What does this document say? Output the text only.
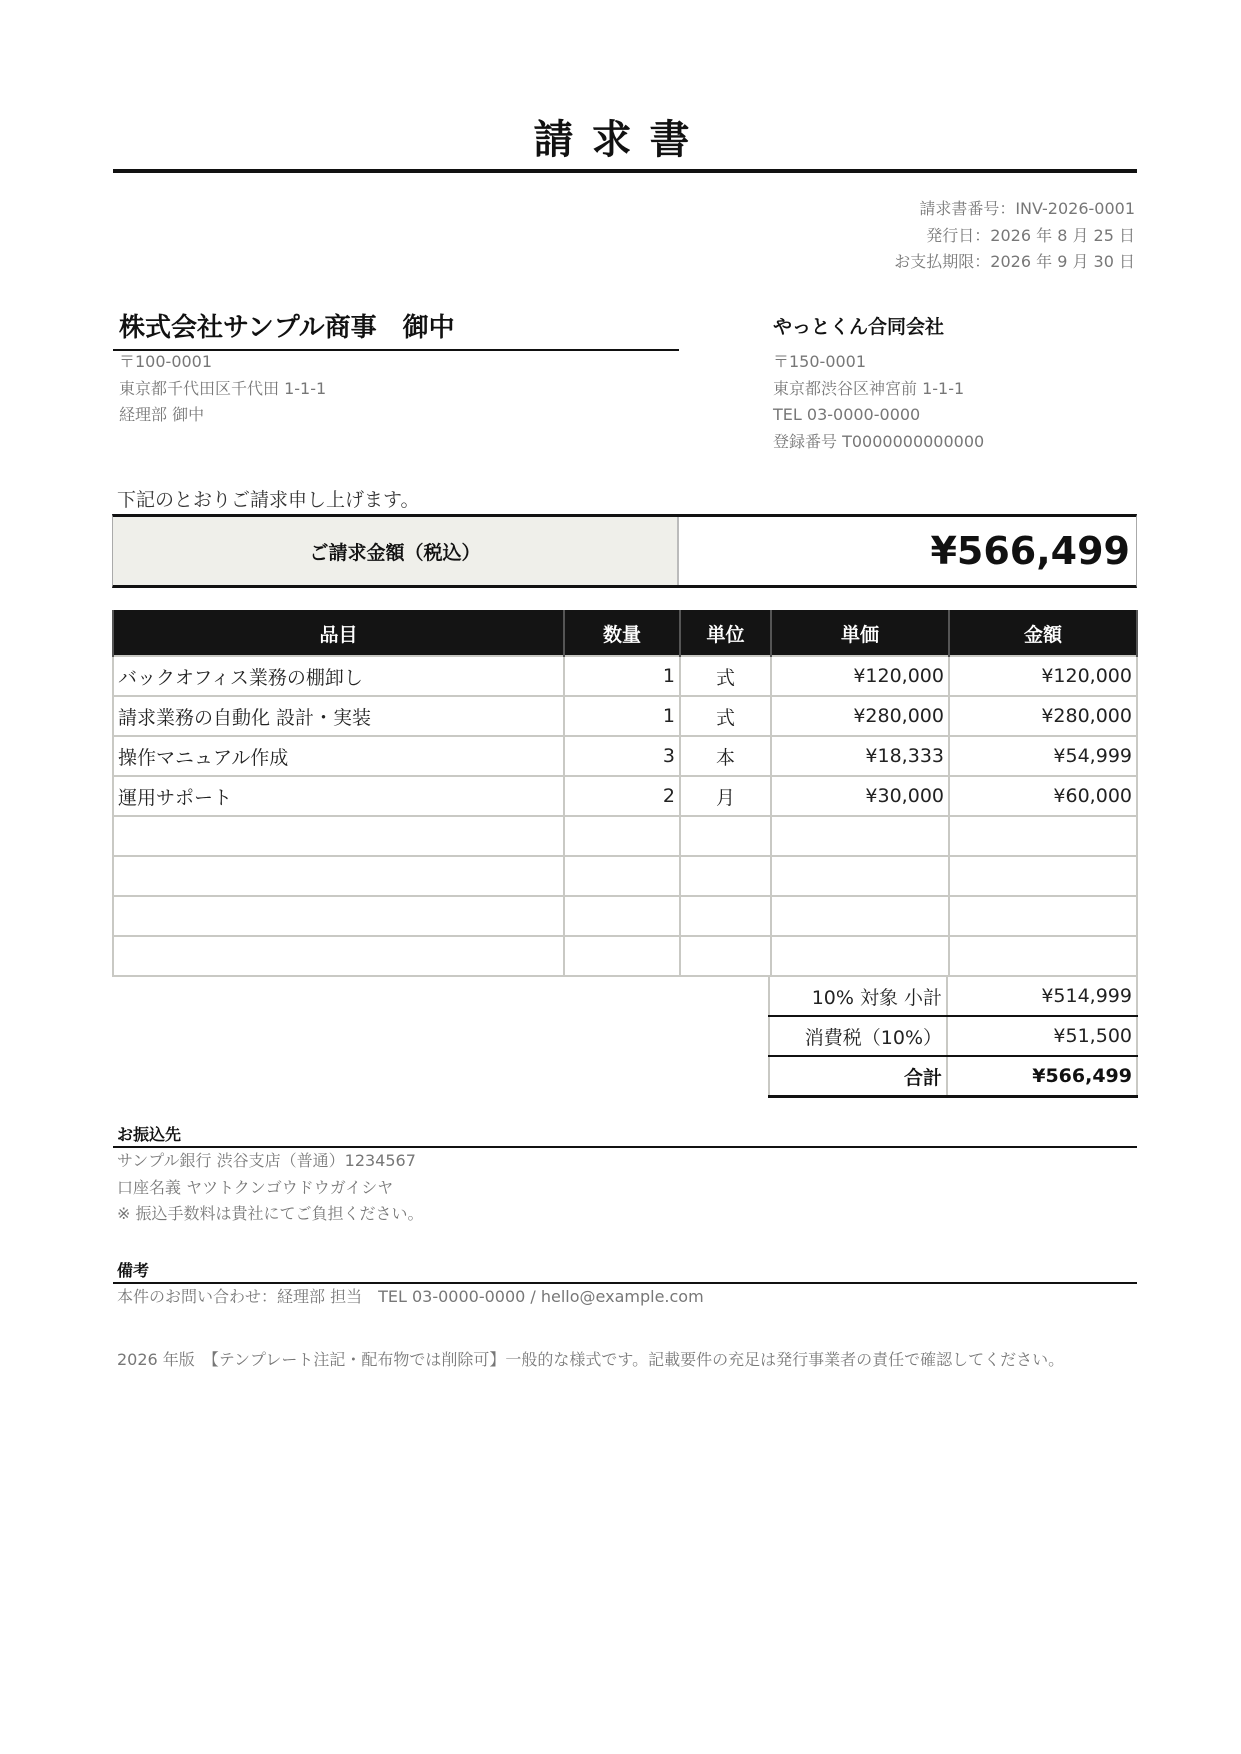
請求書
請求書番号：INV-2026-0001
発行日：2026 年 8 月 25 日
お支払期限：2026 年 9 月 30 日
株式会社サンプル商事　御中
〒100-0001
東京都千代田区千代田 1-1-1
経理部 御中
やっとくん合同会社
〒150-0001
東京都渋谷区神宮前 1-1-1
TEL 03-0000-0000
登録番号 T0000000000000
下記のとおりご請求申し上げます。
ご請求金額（税込）	¥566,499
品目	数量	単位	単価	金額
バックオフィス業務の棚卸し	1	式	¥120,000	¥120,000
請求業務の自動化 設計・実装	1	式	¥280,000	¥280,000
操作マニュアル作成	3	本	¥18,333	¥54,999
運用サポート	2	月	¥30,000	¥60,000

10% 対象 小計	¥514,999
消費税（10%）	¥51,500
合計	¥566,499
お振込先
サンプル銀行 渋谷支店（普通）1234567
口座名義 ヤツトクンゴウドウガイシヤ
※ 振込手数料は貴社にてご負担ください。
備考
本件のお問い合わせ：経理部 担当　TEL 03-0000-0000 / hello@example.com
2026 年版　【テンプレート注記・配布物では削除可】一般的な様式です。記載要件の充足は発行事業者の責任で確認してください。
